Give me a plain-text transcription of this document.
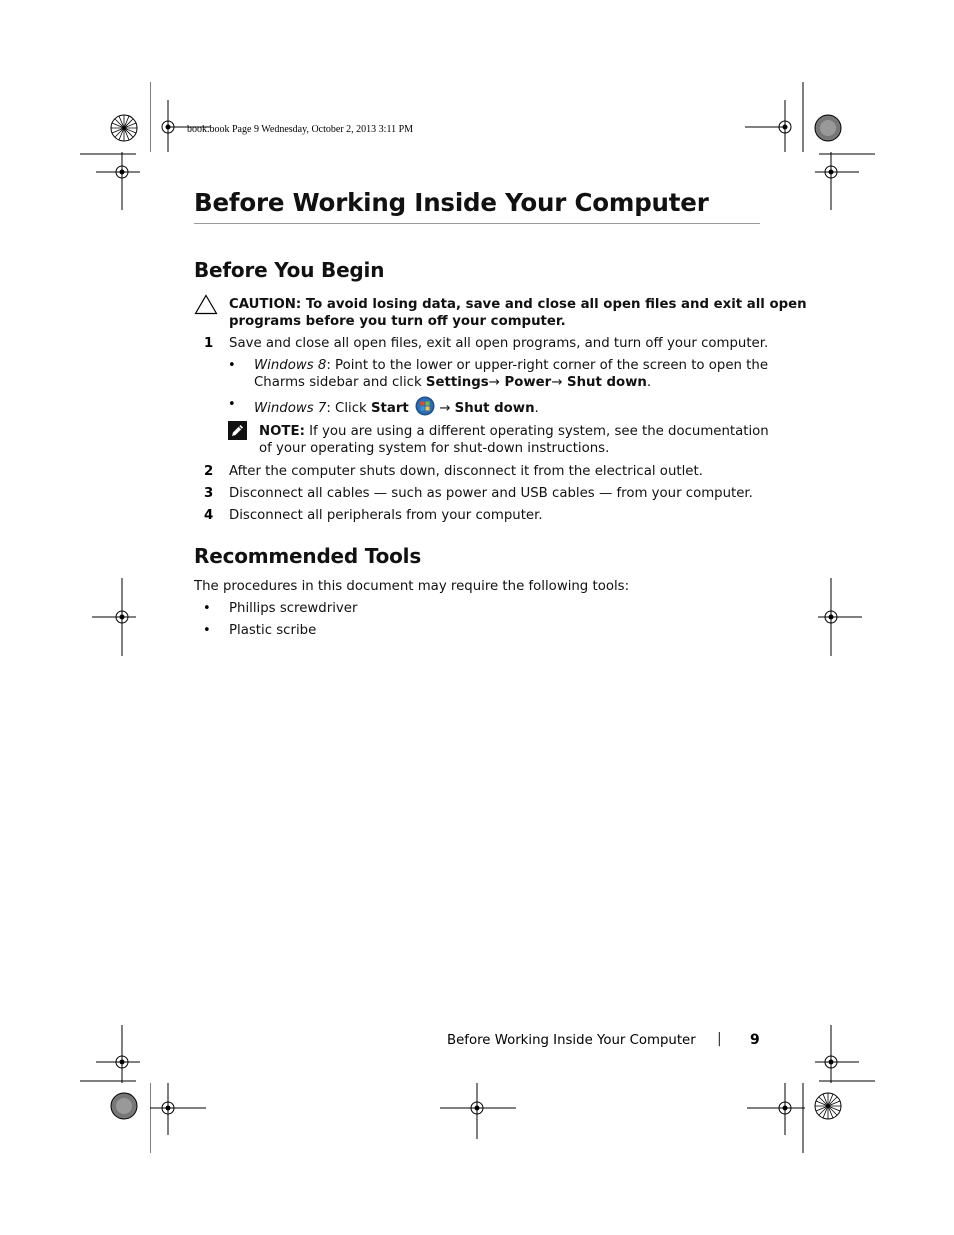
book.book Page 9 Wednesday, October 2, 2013 3:11 PM
Before Working Inside Your Computer
Before You Begin
CAUTION: To avoid losing data, save and close all open files and exit all open
programs before you turn off your computer.
1 Save and close all open files, exit all open programs, and turn off your computer.
• Windows 8: Point to the lower or upper-right corner of the screen to open the
Charms sidebar and click Settings→ Power→ Shut down.
• Windows 7: Click Start  → Shut down.
NOTE: If you are using a different operating system, see the documentation
of your operating system for shut-down instructions.
2 After the computer shuts down, disconnect it from the electrical outlet.
3 Disconnect all cables — such as power and USB cables — from your computer.
4 Disconnect all peripherals from your computer.
Recommended Tools
The procedures in this document may require the following tools:
• Phillips screwdriver
• Plastic scribe
Before Working Inside Your Computer | 9
